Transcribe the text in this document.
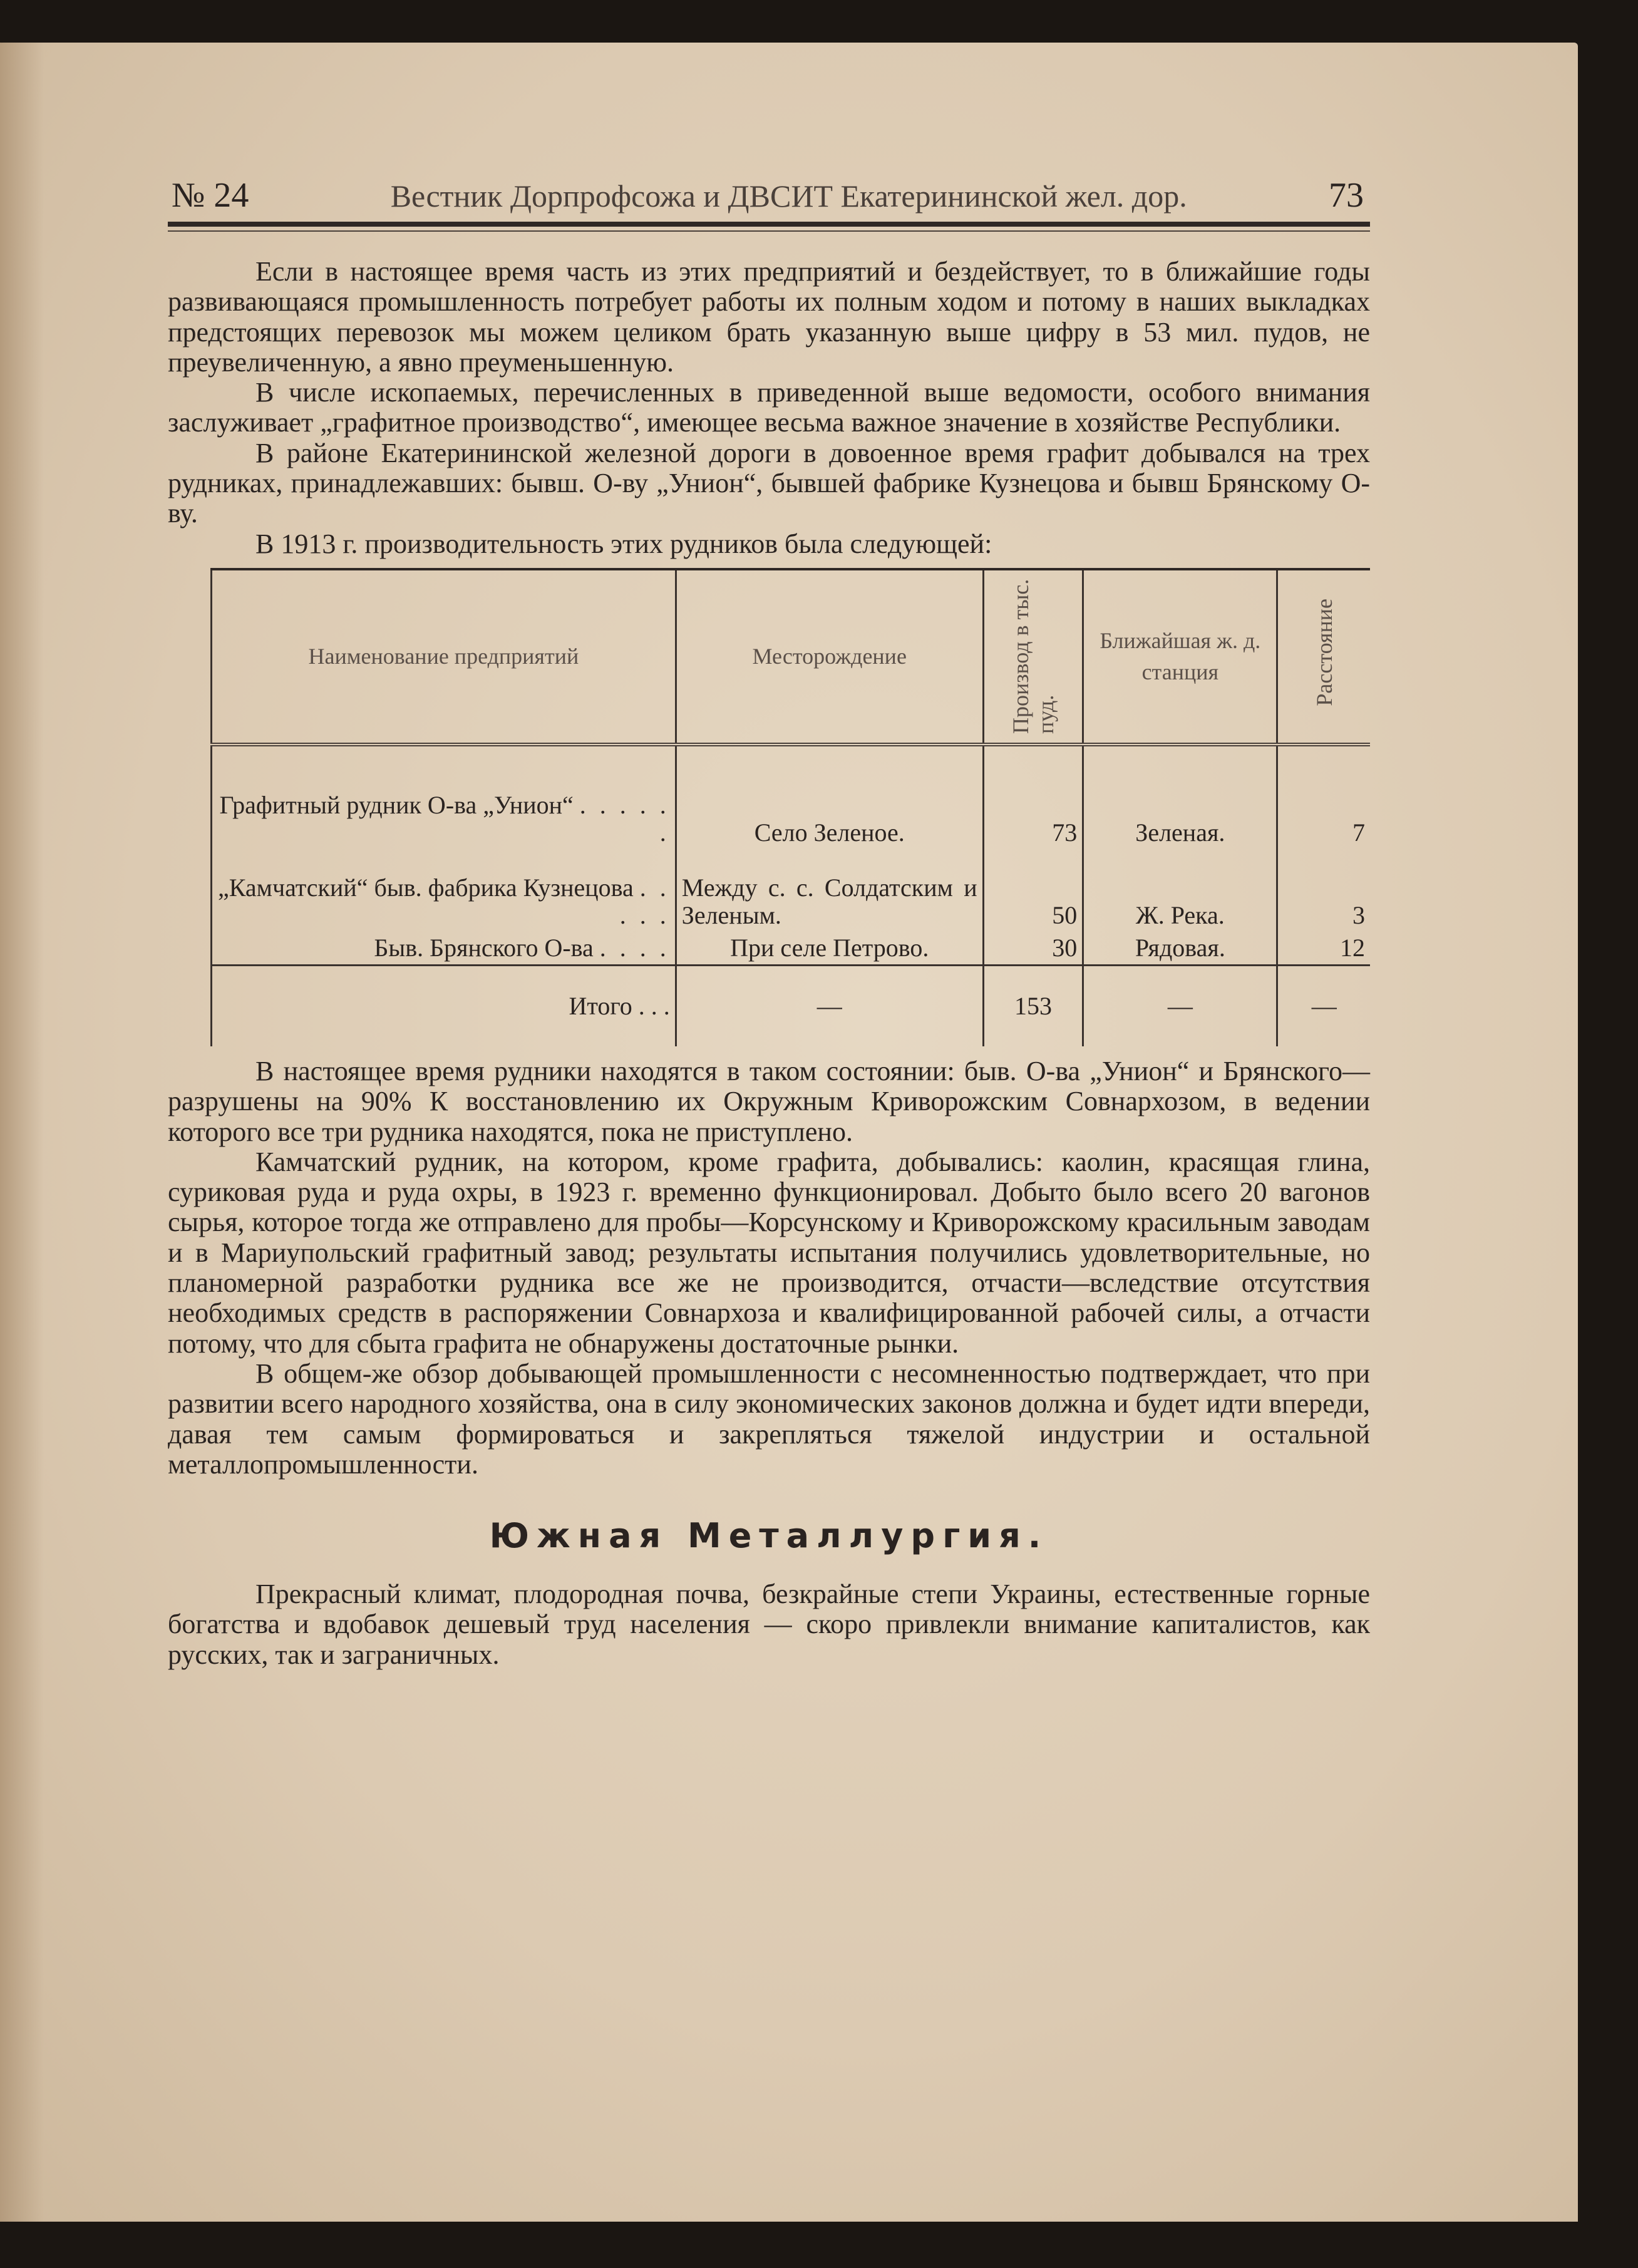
№ 24	Вестник Дорпрофсожа и ДВСИТ Екатерининской жел. дор.	73

Если в настоящее время часть из этих предприятий и бездействует, то в ближайшие годы развивающаяся промышленность потребует работы их полным ходом и потому в наших выкладках предстоящих перевозок мы можем целиком брать указанную выше цифру в 53 мил. пудов, не преувеличенную, а явно преуменьшенную.

В числе ископаемых, перечисленных в приведенной выше ведомости, особого внимания заслуживает „графитное производство“, имеющее весьма важное значение в хозяйстве Республики.

В районе Екатерининской железной дороги в довоенное время графит добывался на трех рудниках, принадлежавших: бывш. О-ву „Унион“, бывшей фабрике Кузнецова и бывш Брянскому О-ву.

В 1913 г. производительность этих рудников была следующей:

Наименование предприятий	Месторождение	Производ в тыс. пуд.	Ближайшая ж. д. станция	Расстояние

Графитный рудник О-ва „Унион“ . . . . . .	Село Зеленое.	73	Зеленая.	7
„Камчатский“ быв. фабрика Кузнецова . . . . .	Между с. с. Солдатским и Зеленым.	50	Ж. Река.	3
Быв. Брянского О-ва . . . .	При селе Петрово.	30	Рядовая.	12
Итого . . .	—	153	—	—

В настоящее время рудники находятся в таком состоянии: быв. О-ва „Унион“ и Брянского—разрушены на 90% К восстановлению их Окружным Криворожским Совнархозом, в ведении которого все три рудника находятся, пока не приступлено.

Камчатский рудник, на котором, кроме графита, добывались: каолин, красящая глина, суриковая руда и руда охры, в 1923 г. временно функционировал. Добыто было всего 20 вагонов сырья, которое тогда же отправлено для пробы—Корсунскому и Криворожскому красильным заводам и в Мариупольский графитный завод; результаты испытания получились удовлетворительные, но планомерной разработки рудника все же не производится, отчасти—вследствие отсутствия необходимых средств в распоряжении Совнархоза и квалифицированной рабочей силы, а отчасти потому, что для сбыта графита не обнаружены достаточные рынки.

В общем-же обзор добывающей промышленности с несомненностью подтверждает, что при развитии всего народного хозяйства, она в силу экономических законов должна и будет идти впереди, давая тем самым формироваться и закрепляться тяжелой индустрии и остальной металлопромышленности.

Южная Металлургия.

Прекрасный климат, плодородная почва, безкрайные степи Украины, естественные горные богатства и вдобавок дешевый труд населения — скоро привлекли внимание капиталистов, как русских, так и заграничных.
